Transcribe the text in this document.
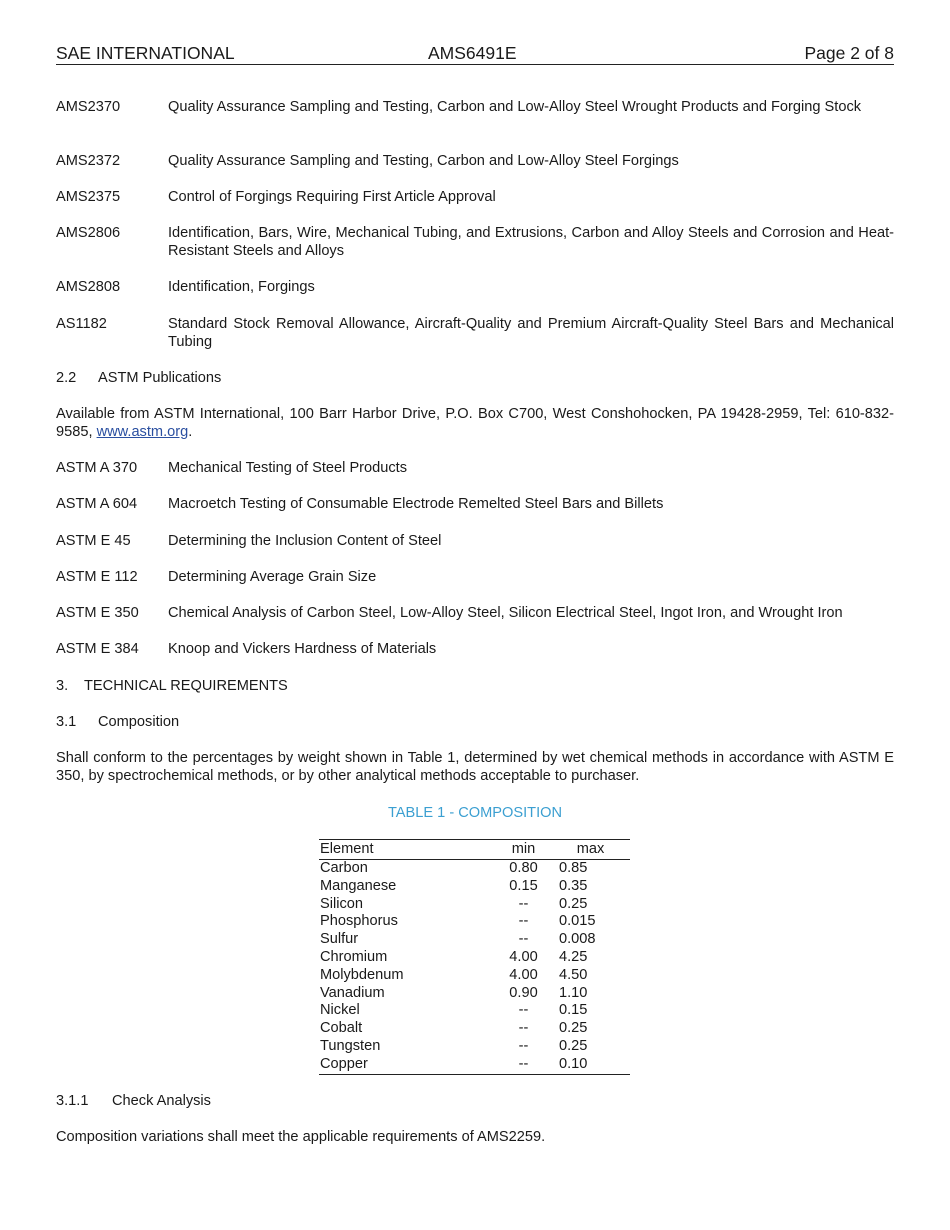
SAE INTERNATIONAL	AMS6491E	Page 2 of 8
AMS2370	Quality Assurance Sampling and Testing, Carbon and Low-Alloy Steel Wrought Products and Forging Stock
AMS2372	Quality Assurance Sampling and Testing, Carbon and Low-Alloy Steel Forgings
AMS2375	Control of Forgings Requiring First Article Approval
AMS2806	Identification, Bars, Wire, Mechanical Tubing, and Extrusions, Carbon and Alloy Steels and Corrosion and Heat-Resistant Steels and Alloys
AMS2808	Identification, Forgings
AS1182	Standard Stock Removal Allowance, Aircraft-Quality and Premium Aircraft-Quality Steel Bars and Mechanical Tubing
2.2 ASTM Publications
Available from ASTM International, 100 Barr Harbor Drive, P.O. Box C700, West Conshohocken, PA 19428-2959, Tel: 610-832-9585, www.astm.org.
ASTM A 370	Mechanical Testing of Steel Products
ASTM A 604	Macroetch Testing of Consumable Electrode Remelted Steel Bars and Billets
ASTM E 45	Determining the Inclusion Content of Steel
ASTM E 112	Determining Average Grain Size
ASTM E 350	Chemical Analysis of Carbon Steel, Low-Alloy Steel, Silicon Electrical Steel, Ingot Iron, and Wrought Iron
ASTM E 384	Knoop and Vickers Hardness of Materials
3. TECHNICAL REQUIREMENTS
3.1 Composition
Shall conform to the percentages by weight shown in Table 1, determined by wet chemical methods in accordance with ASTM E 350, by spectrochemical methods, or by other analytical methods acceptable to purchaser.
TABLE 1 - COMPOSITION
Element	min	max
Carbon	0.80	0.85
Manganese	0.15	0.35
Silicon	--	0.25
Phosphorus	--	0.015
Sulfur	--	0.008
Chromium	4.00	4.25
Molybdenum	4.00	4.50
Vanadium	0.90	1.10
Nickel	--	0.15
Cobalt	--	0.25
Tungsten	--	0.25
Copper	--	0.10
3.1.1 Check Analysis
Composition variations shall meet the applicable requirements of AMS2259.
